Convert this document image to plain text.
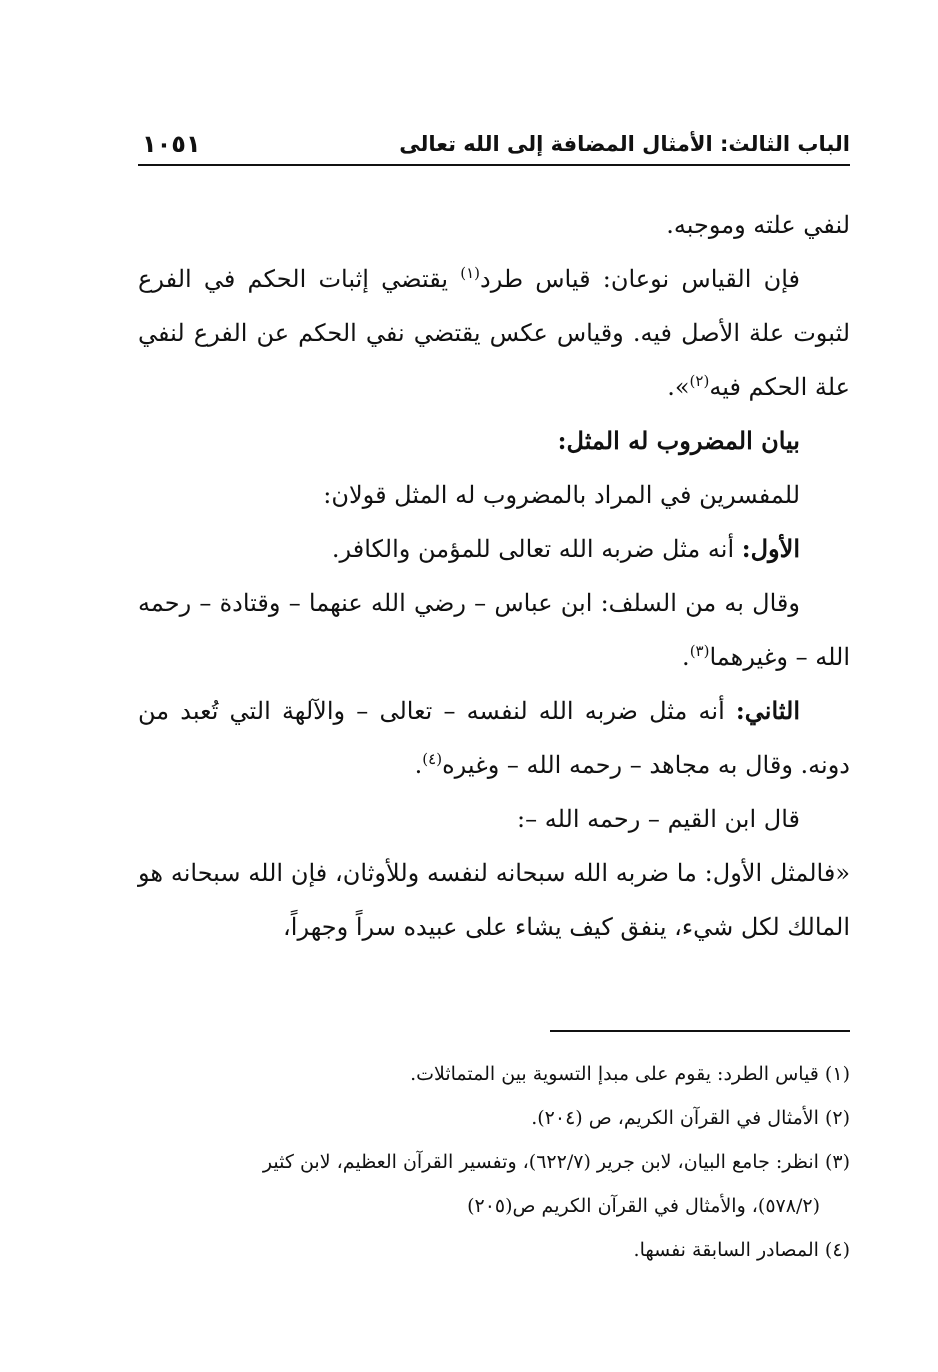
الباب الثالث: الأمثال المضافة إلى الله تعالى
١٠٥١

لنفي علته وموجبه.

فإن القياس نوعان: قياس طرد$^{(١)}$ يقتضي إثبات الحكم في الفرع لثبوت علة الأصل فيه. وقياس عكس يقتضي نفي الحكم عن الفرع لنفي علة الحكم فيه$^{(٢)}$».

بيان المضروب له المثل:

للمفسرين في المراد بالمضروب له المثل قولان:

الأول: أنه مثل ضربه الله تعالى للمؤمن والكافر.

وقال به من السلف: ابن عباس – رضي الله عنهما – وقتادة – رحمه الله – وغيرهما$^{(٣)}$.

الثاني: أنه مثل ضربه الله لنفسه – تعالى – والآلهة التي تُعبد من دونه. وقال به مجاهد – رحمه الله – وغيره$^{(٤)}$.

قال ابن القيم – رحمه الله –:

«فالمثل الأول: ما ضربه الله سبحانه لنفسه وللأوثان، فإن الله سبحانه هو المالك لكل شيء، ينفق كيف يشاء على عبيده سراً وجهراً،

(١) قياس الطرد: يقوم على مبدإ التسوية بين المتماثلات.

(٢) الأمثال في القرآن الكريم، ص (٢٠٤).

(٣) انظر: جامع البيان، لابن جرير (٦٢٢/٧)، وتفسير القرآن العظيم، لابن كثير

(٥٧٨/٢)، والأمثال في القرآن الكريم ص(٢٠٥)

(٤) المصادر السابقة نفسها.
